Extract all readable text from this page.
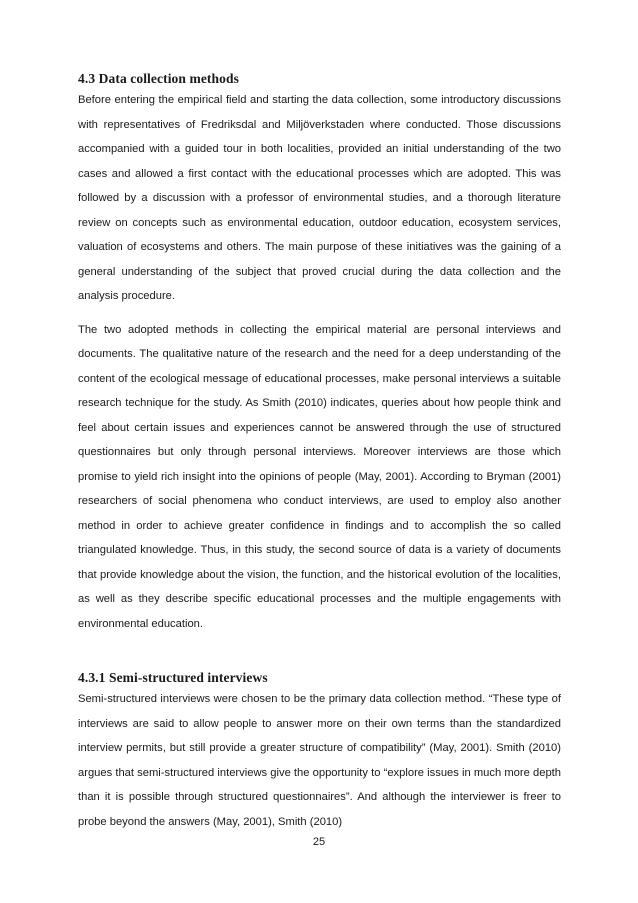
4.3 Data collection methods

Before entering the empirical field and starting the data collection, some introductory discussions with representatives of Fredriksdal and Miljöverkstaden where conducted. Those discussions accompanied with a guided tour in both localities, provided an initial understanding of the two cases and allowed a first contact with the educational processes which are adopted. This was followed by a discussion with a professor of environmental studies, and a thorough literature review on concepts such as environmental education, outdoor education, ecosystem services, valuation of ecosystems and others. The main purpose of these initiatives was the gaining of a general understanding of the subject that proved crucial during the data collection and the analysis procedure.

The two adopted methods in collecting the empirical material are personal interviews and documents. The qualitative nature of the research and the need for a deep understanding of the content of the ecological message of educational processes, make personal interviews a suitable research technique for the study. As Smith (2010) indicates, queries about how people think and feel about certain issues and experiences cannot be answered through the use of structured questionnaires but only through personal interviews. Moreover interviews are those which promise to yield rich insight into the opinions of people (May, 2001). According to Bryman (2001) researchers of social phenomena who conduct interviews, are used to employ also another method in order to achieve greater confidence in findings and to accomplish the so called triangulated knowledge. Thus, in this study, the second source of data is a variety of documents that provide knowledge about the vision, the function, and the historical evolution of the localities, as well as they describe specific educational processes and the multiple engagements with environmental education.

4.3.1 Semi-structured interviews

Semi-structured interviews were chosen to be the primary data collection method. “These type of interviews are said to allow people to answer more on their own terms than the standardized interview permits, but still provide a greater structure of compatibility” (May, 2001). Smith (2010) argues that semi-structured interviews give the opportunity to “explore issues in much more depth than it is possible through structured questionnaires”. And although the interviewer is freer to probe beyond the answers (May, 2001), Smith (2010)

25
